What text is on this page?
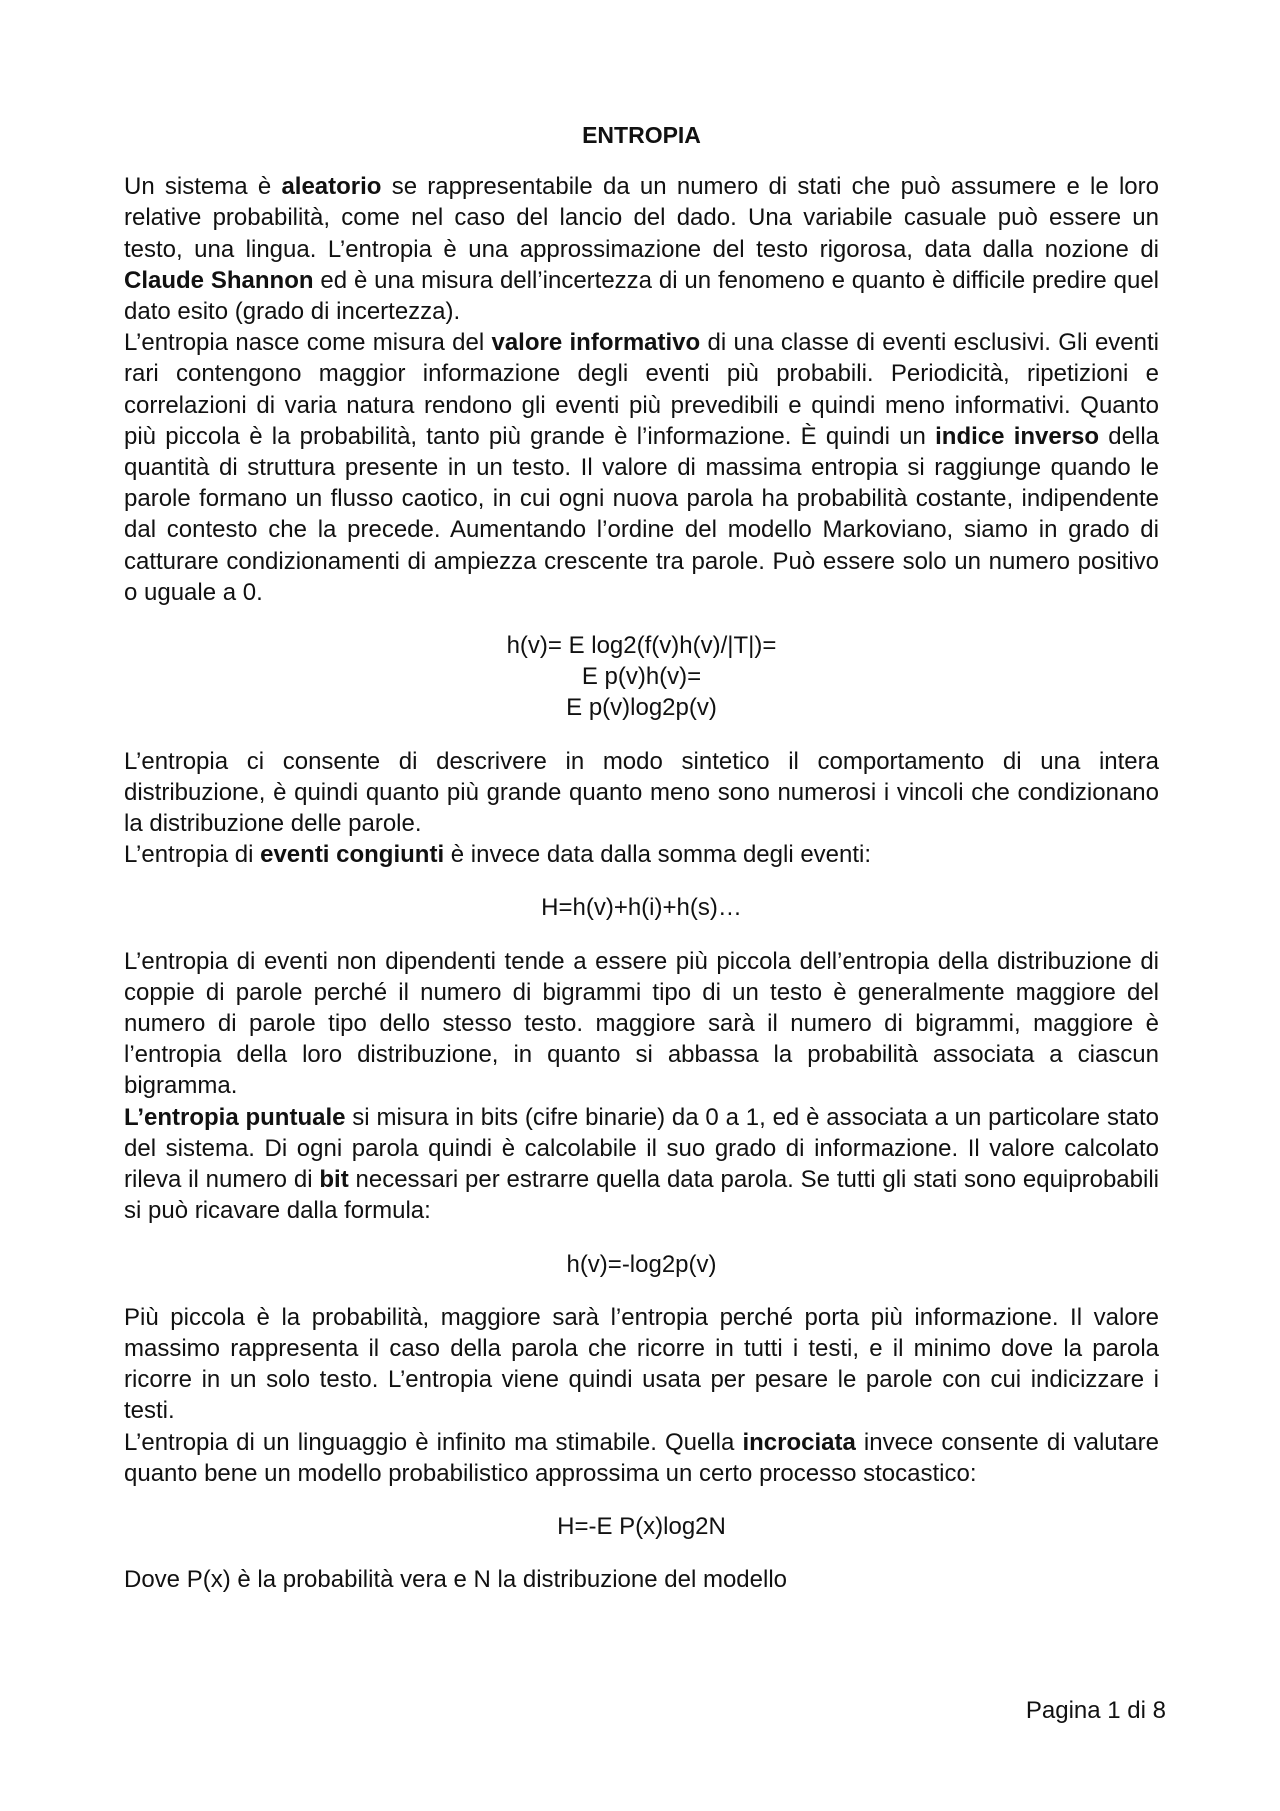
ENTROPIA

Un sistema è aleatorio se rappresentabile da un numero di stati che può assumere e le loro relative probabilità, come nel caso del lancio del dado. Una variabile casuale può essere un testo, una lingua. L’entropia è una approssimazione del testo rigorosa, data dalla nozione di Claude Shannon ed è una misura dell’incertezza di un fenomeno e quanto è difficile predire quel dato esito (grado di incertezza).

L’entropia nasce come misura del valore informativo di una classe di eventi esclusivi. Gli eventi rari contengono maggior informazione degli eventi più probabili. Periodicità, ripetizioni e correlazioni di varia natura rendono gli eventi più prevedibili e quindi meno informativi. Quanto più piccola è la probabilità, tanto più grande è l’informazione. È quindi un indice inverso della quantità di struttura presente in un testo. Il valore di massima entropia si raggiunge quando le parole formano un flusso caotico, in cui ogni nuova parola ha probabilità costante, indipendente dal contesto che la precede. Aumentando l’ordine del modello Markoviano, siamo in grado di catturare condizionamenti di ampiezza crescente tra parole. Può essere solo un numero positivo o uguale a 0.

h(v)= E log2(f(v)h(v)/|T|)=

E p(v)h(v)=

E p(v)log2p(v)

L’entropia ci consente di descrivere in modo sintetico il comportamento di una intera distribuzione, è quindi quanto più grande quanto meno sono numerosi i vincoli che condizionano la distribuzione delle parole.

L’entropia di eventi congiunti è invece data dalla somma degli eventi:

H=h(v)+h(i)+h(s)…

L’entropia di eventi non dipendenti tende a essere più piccola dell’entropia della distribuzione di coppie di parole perché il numero di bigrammi tipo di un testo è generalmente maggiore del numero di parole tipo dello stesso testo. maggiore sarà il numero di bigrammi, maggiore è l’entropia della loro distribuzione, in quanto si abbassa la probabilità associata a ciascun bigramma.

L’entropia puntuale si misura in bits (cifre binarie) da 0 a 1, ed è associata a un particolare stato del sistema. Di ogni parola quindi è calcolabile il suo grado di informazione. Il valore calcolato rileva il numero di bit necessari per estrarre quella data parola. Se tutti gli stati sono equiprobabili si può ricavare dalla formula:

h(v)=-log2p(v)

Più piccola è la probabilità, maggiore sarà l’entropia perché porta più informazione. Il valore massimo rappresenta il caso della parola che ricorre in tutti i testi, e il minimo dove la parola ricorre in un solo testo. L’entropia viene quindi usata per pesare le parole con cui indicizzare i testi.

L’entropia di un linguaggio è infinito ma stimabile. Quella incrociata invece consente di valutare quanto bene un modello probabilistico approssima un certo processo stocastico:

H=-E P(x)log2N

Dove P(x) è la probabilità vera e N la distribuzione del modello

Pagina 1 di 8
